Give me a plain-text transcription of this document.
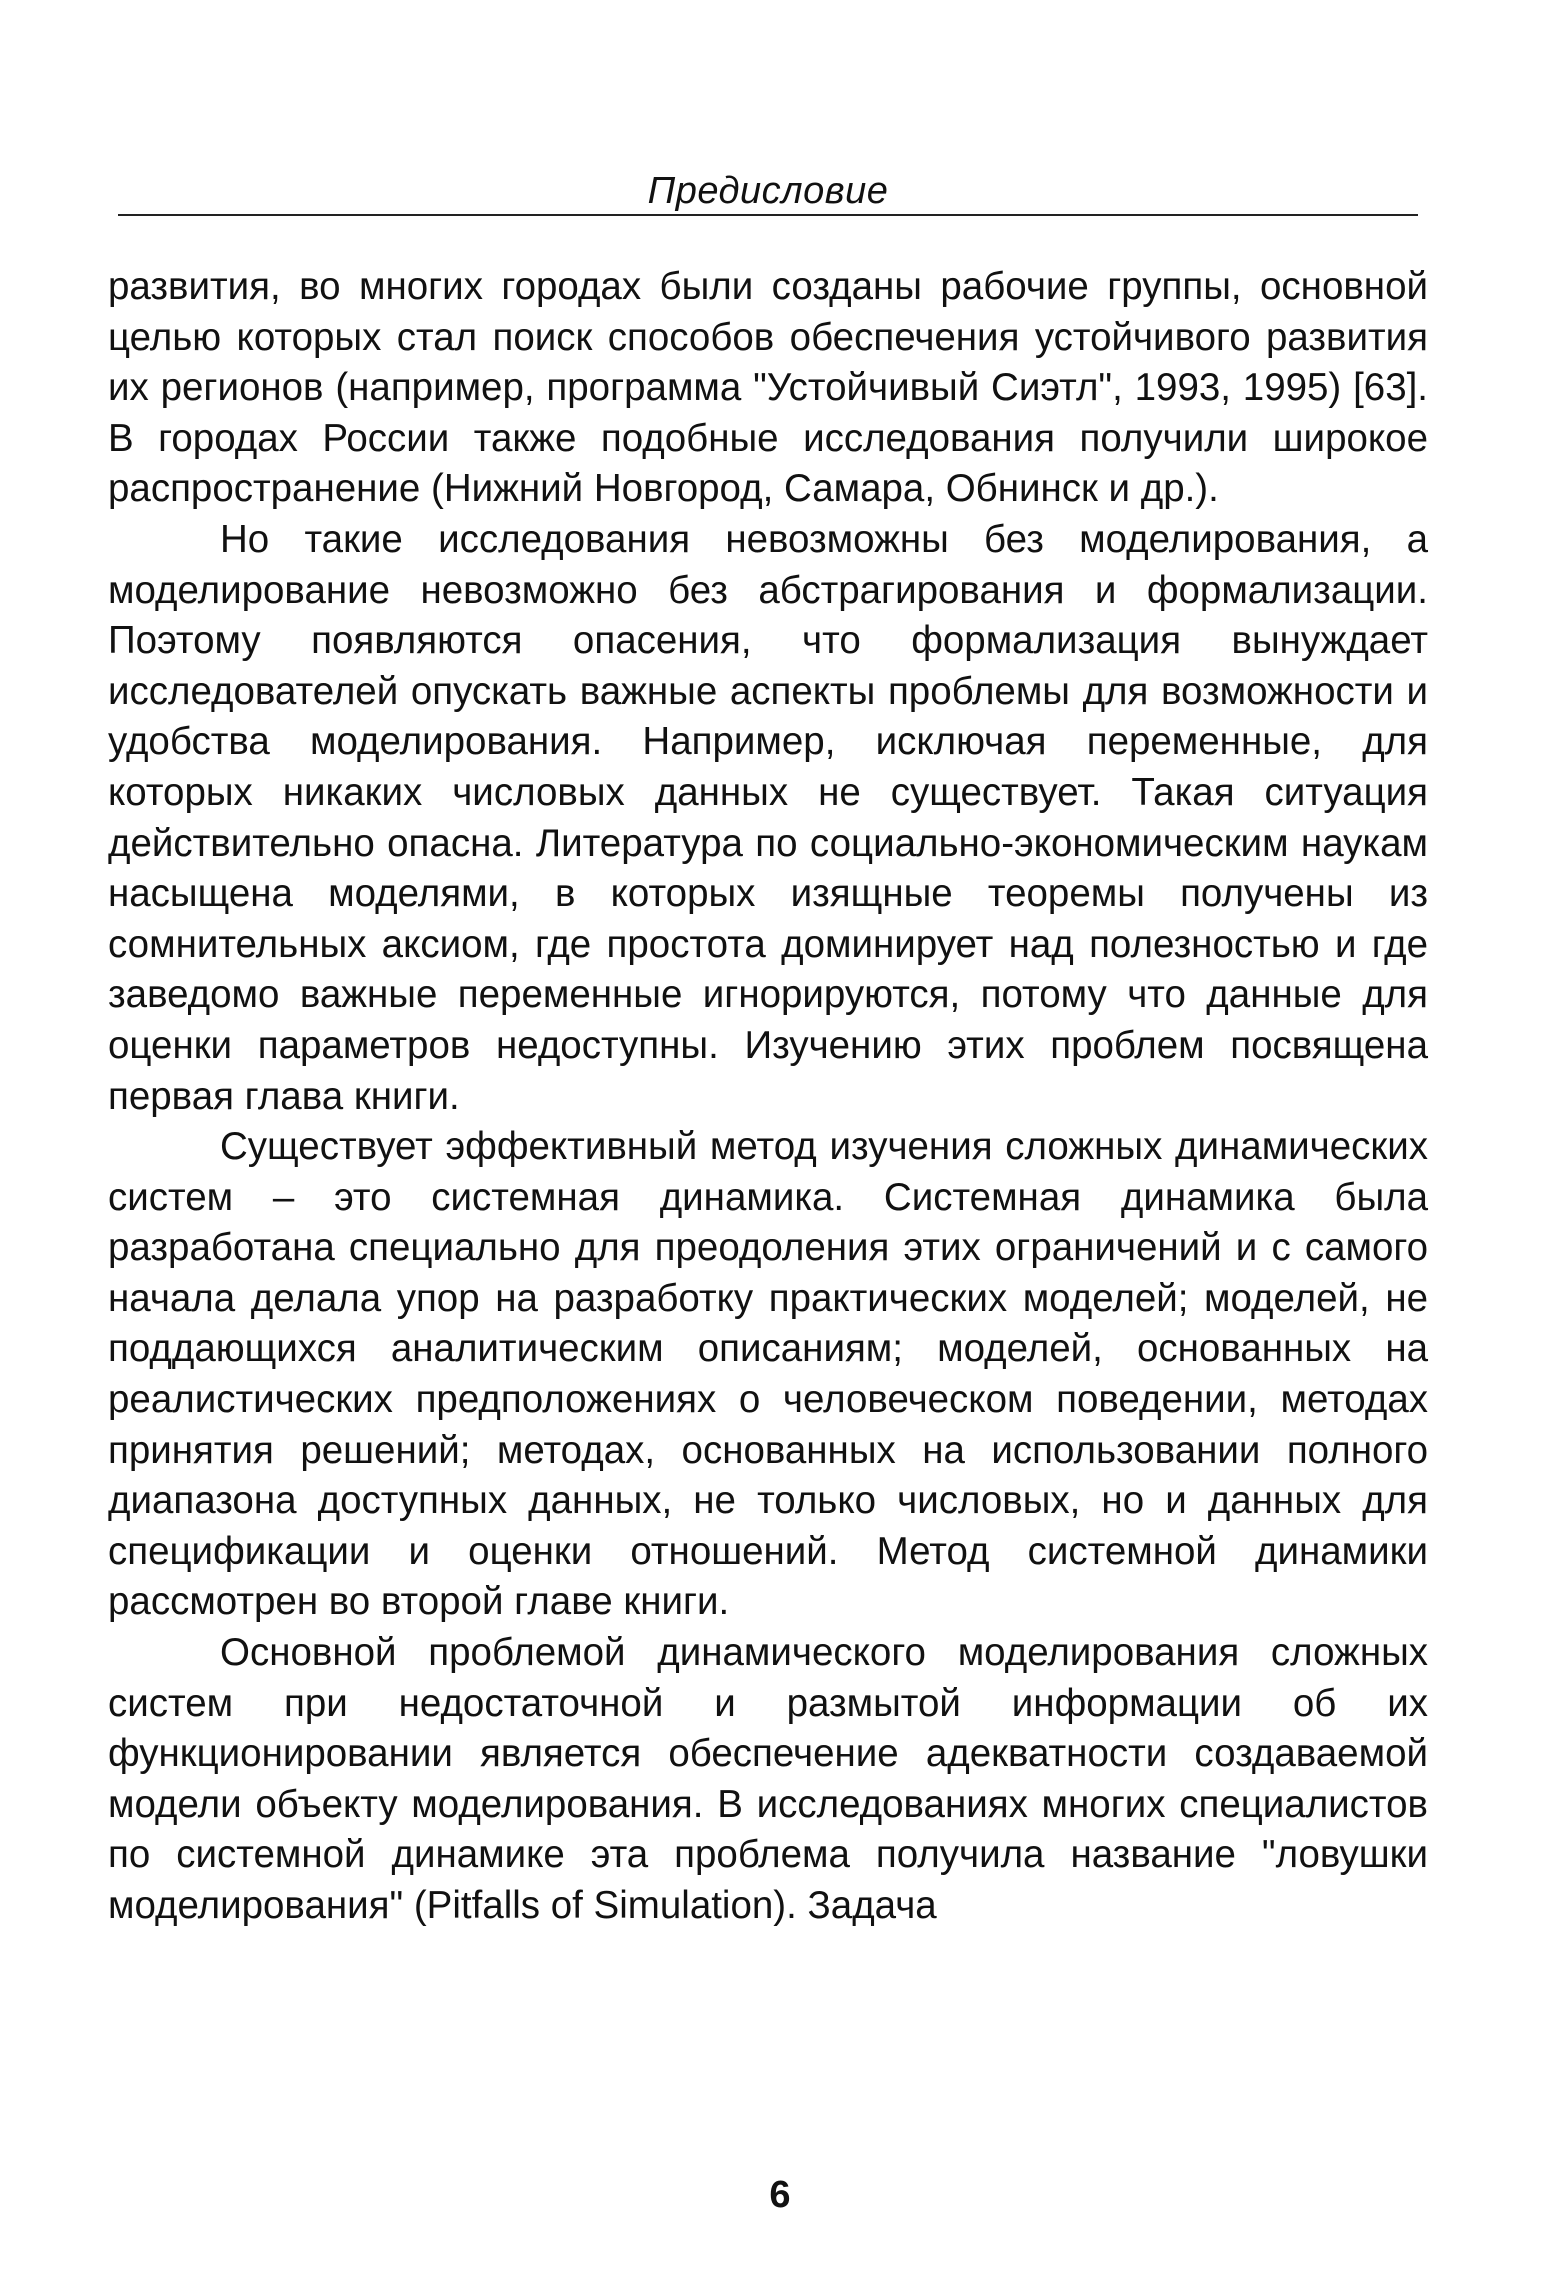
Предисловие

развития, во многих городах были созданы рабочие группы, основной целью которых стал поиск способов обеспечения устойчивого развития их регионов (например, программа "Устойчивый Сиэтл", 1993, 1995) [63]. В городах России также подобные исследования получили широкое распространение (Нижний Новгород, Самара, Обнинск и др.).

Но такие исследования невозможны без моделирования, а моделирование невозможно без абстрагирования и формализации. Поэтому появляются опасения, что формализация вынуждает исследователей опускать важные аспекты проблемы для возможности и удобства моделирования. Например, исключая переменные, для которых никаких числовых данных не существует. Такая ситуация действительно опасна. Литература по социально-экономическим наукам насыщена моделями, в которых изящные теоремы получены из сомнительных аксиом, где простота доминирует над полезностью и где заведомо важные переменные игнорируются, потому что данные для оценки параметров недоступны. Изучению этих проблем посвящена первая глава книги.

Существует эффективный метод изучения сложных динамических систем – это системная динамика. Системная динамика была разработана специально для преодоления этих ограничений и с самого начала делала упор на разработку практических моделей; моделей, не поддающихся аналитическим описаниям; моделей, основанных на реалистических предположениях о человеческом поведении, методах принятия решений; методах, основанных на использовании полного диапазона доступных данных, не только числовых, но и данных для спецификации и оценки отношений. Метод системной динамики рассмотрен во второй главе книги.

Основной проблемой динамического моделирования сложных систем при недостаточной и размытой информации об их функционировании является обеспечение адекватности создаваемой модели объекту моделирования. В исследованиях многих специалистов по системной динамике эта проблема получила название "ловушки моделирования" (Pitfalls of Simulation). Задача

6
